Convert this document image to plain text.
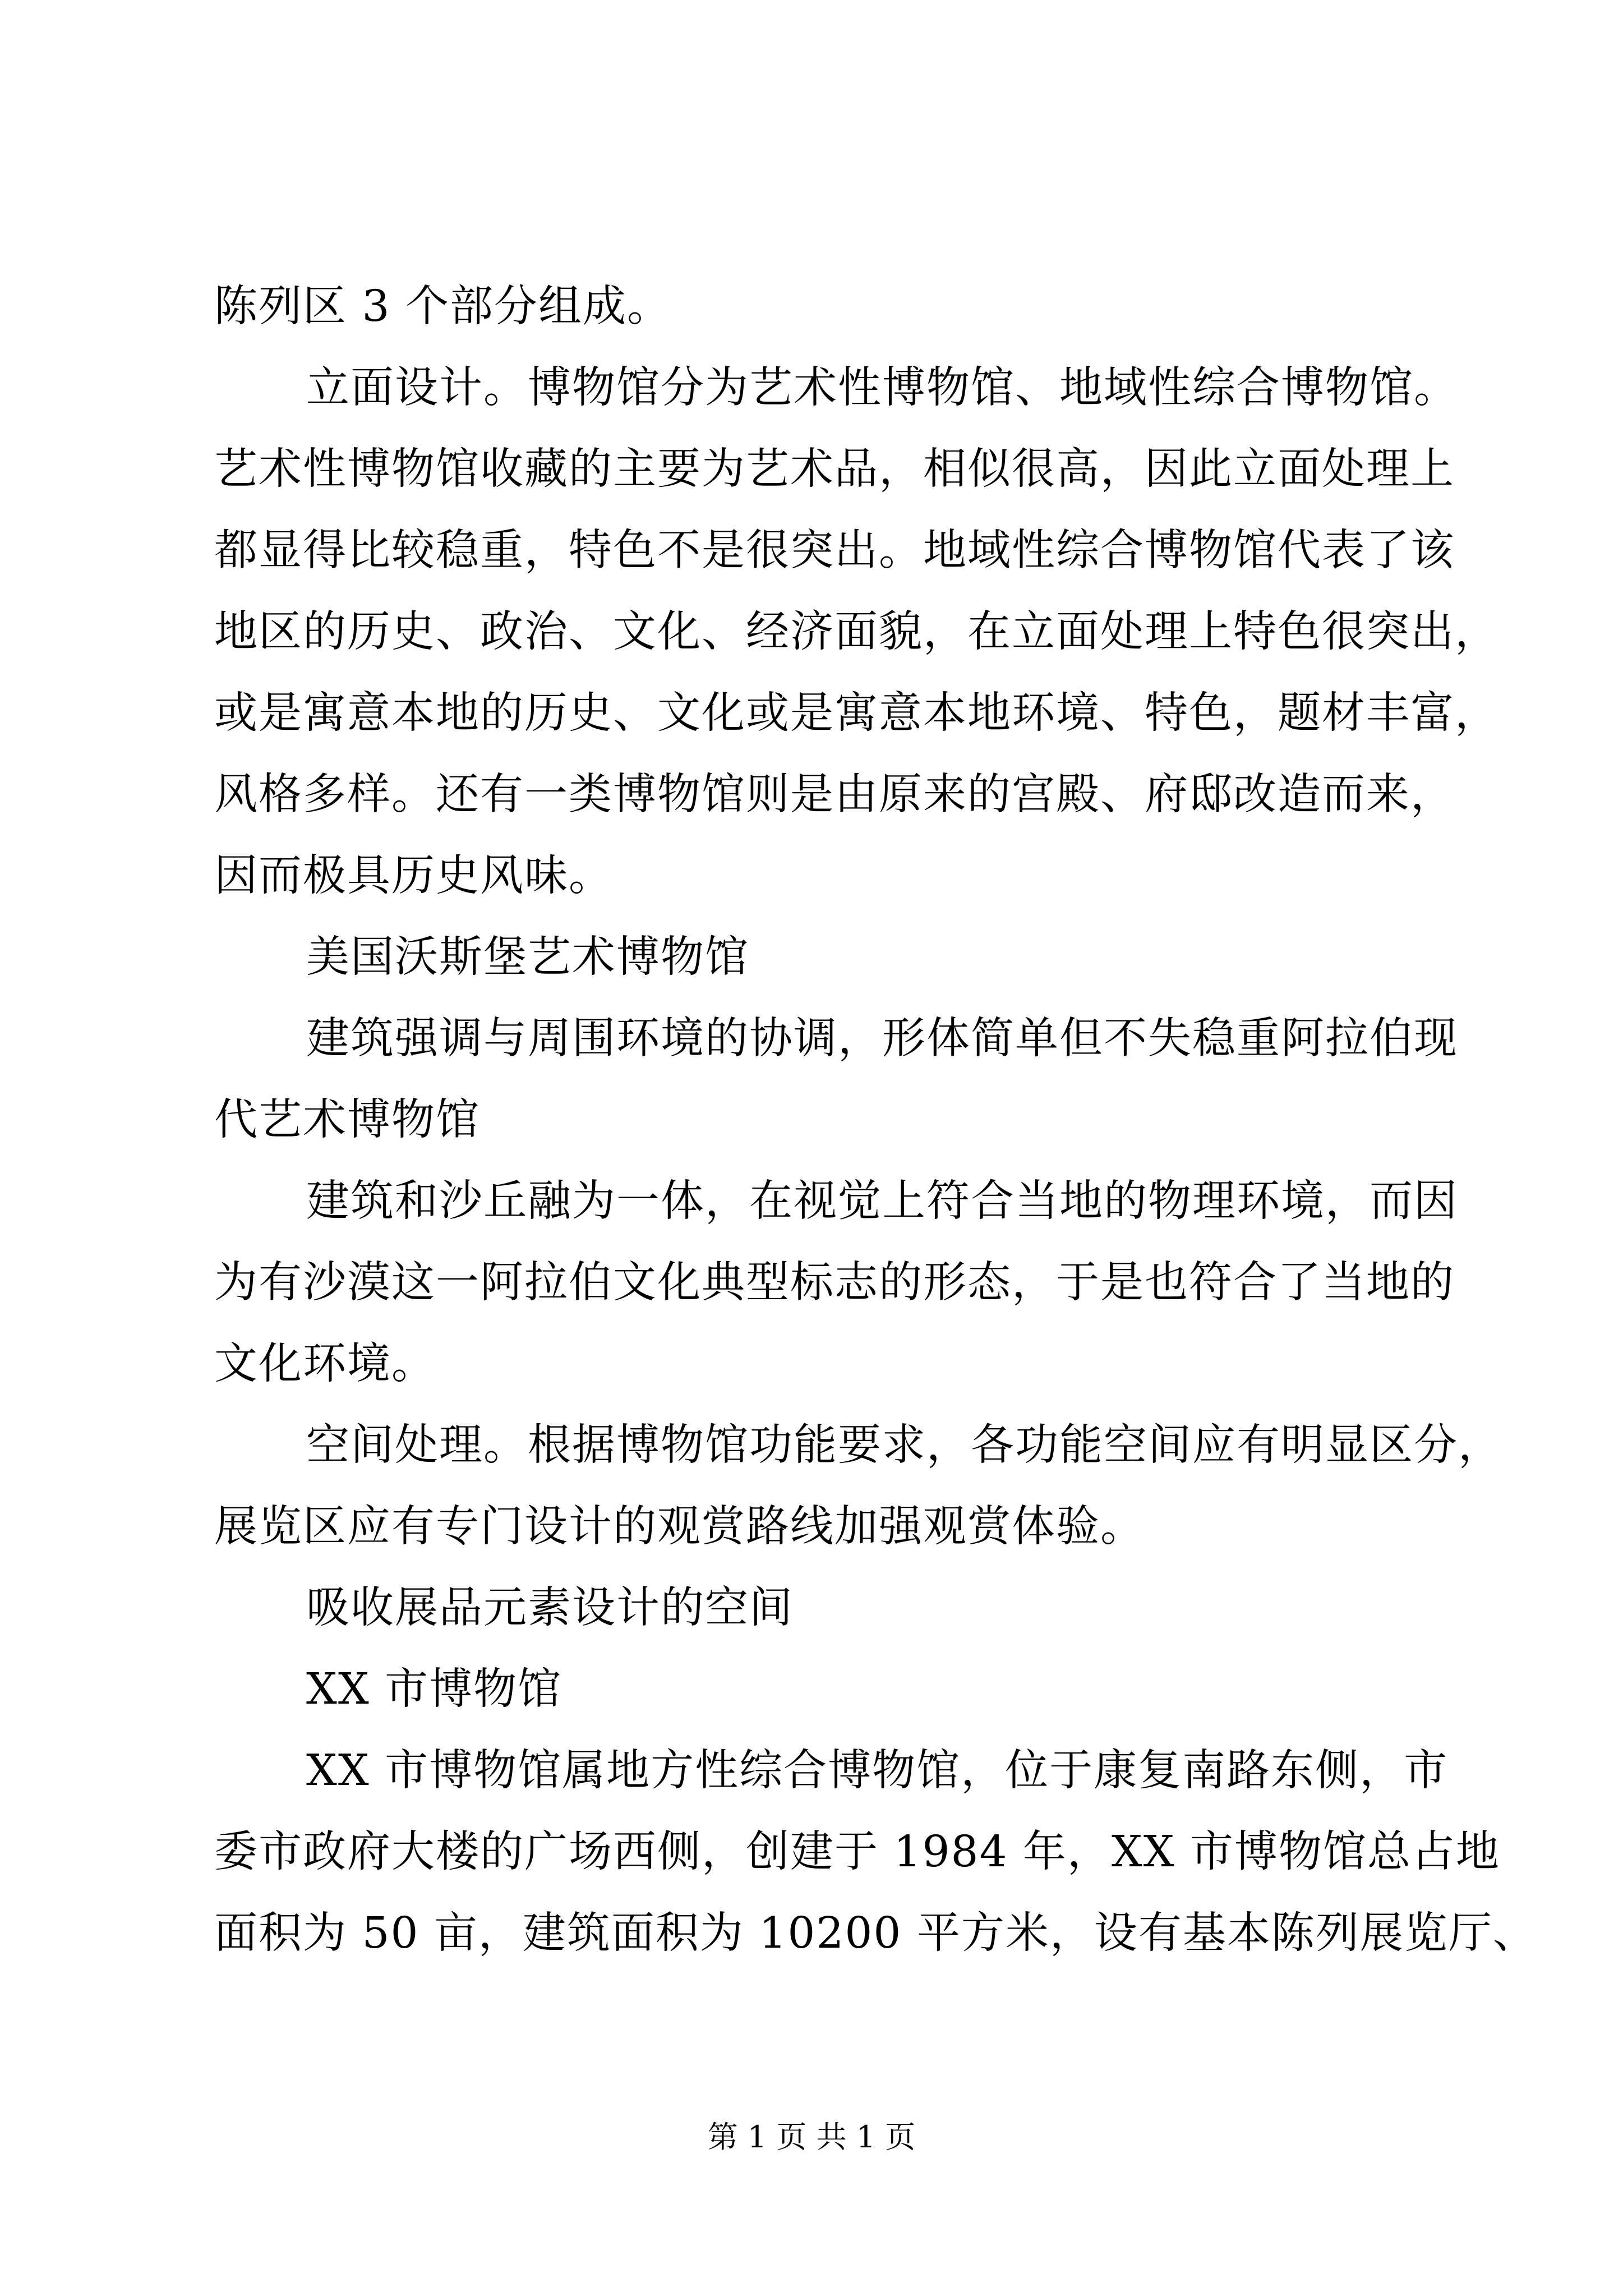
陈列区 3 个部分组成。
立面设计。博物馆分为艺术性博物馆、地域性综合博物馆。
艺术性博物馆收藏的主要为艺术品，相似很高，因此立面处理上
都显得比较稳重，特色不是很突出。地域性综合博物馆代表了该
地区的历史、政治、文化、经济面貌，在立面处理上特色很突出，
或是寓意本地的历史、文化或是寓意本地环境、特色，题材丰富，
风格多样。还有一类博物馆则是由原来的宫殿、府邸改造而来，
因而极具历史风味。
美国沃斯堡艺术博物馆
建筑强调与周围环境的协调，形体简单但不失稳重阿拉伯现
代艺术博物馆
建筑和沙丘融为一体，在视觉上符合当地的物理环境，而因
为有沙漠这一阿拉伯文化典型标志的形态，于是也符合了当地的
文化环境。
空间处理。根据博物馆功能要求，各功能空间应有明显区分，
展览区应有专门设计的观赏路线加强观赏体验。
吸收展品元素设计的空间
XX 市博物馆
XX 市博物馆属地方性综合博物馆，位于康复南路东侧，市
委市政府大楼的广场西侧，创建于 1984 年，XX 市博物馆总占地
面积为 50 亩，建筑面积为 10200 平方米，设有基本陈列展览厅、
第 1 页 共 1 页
